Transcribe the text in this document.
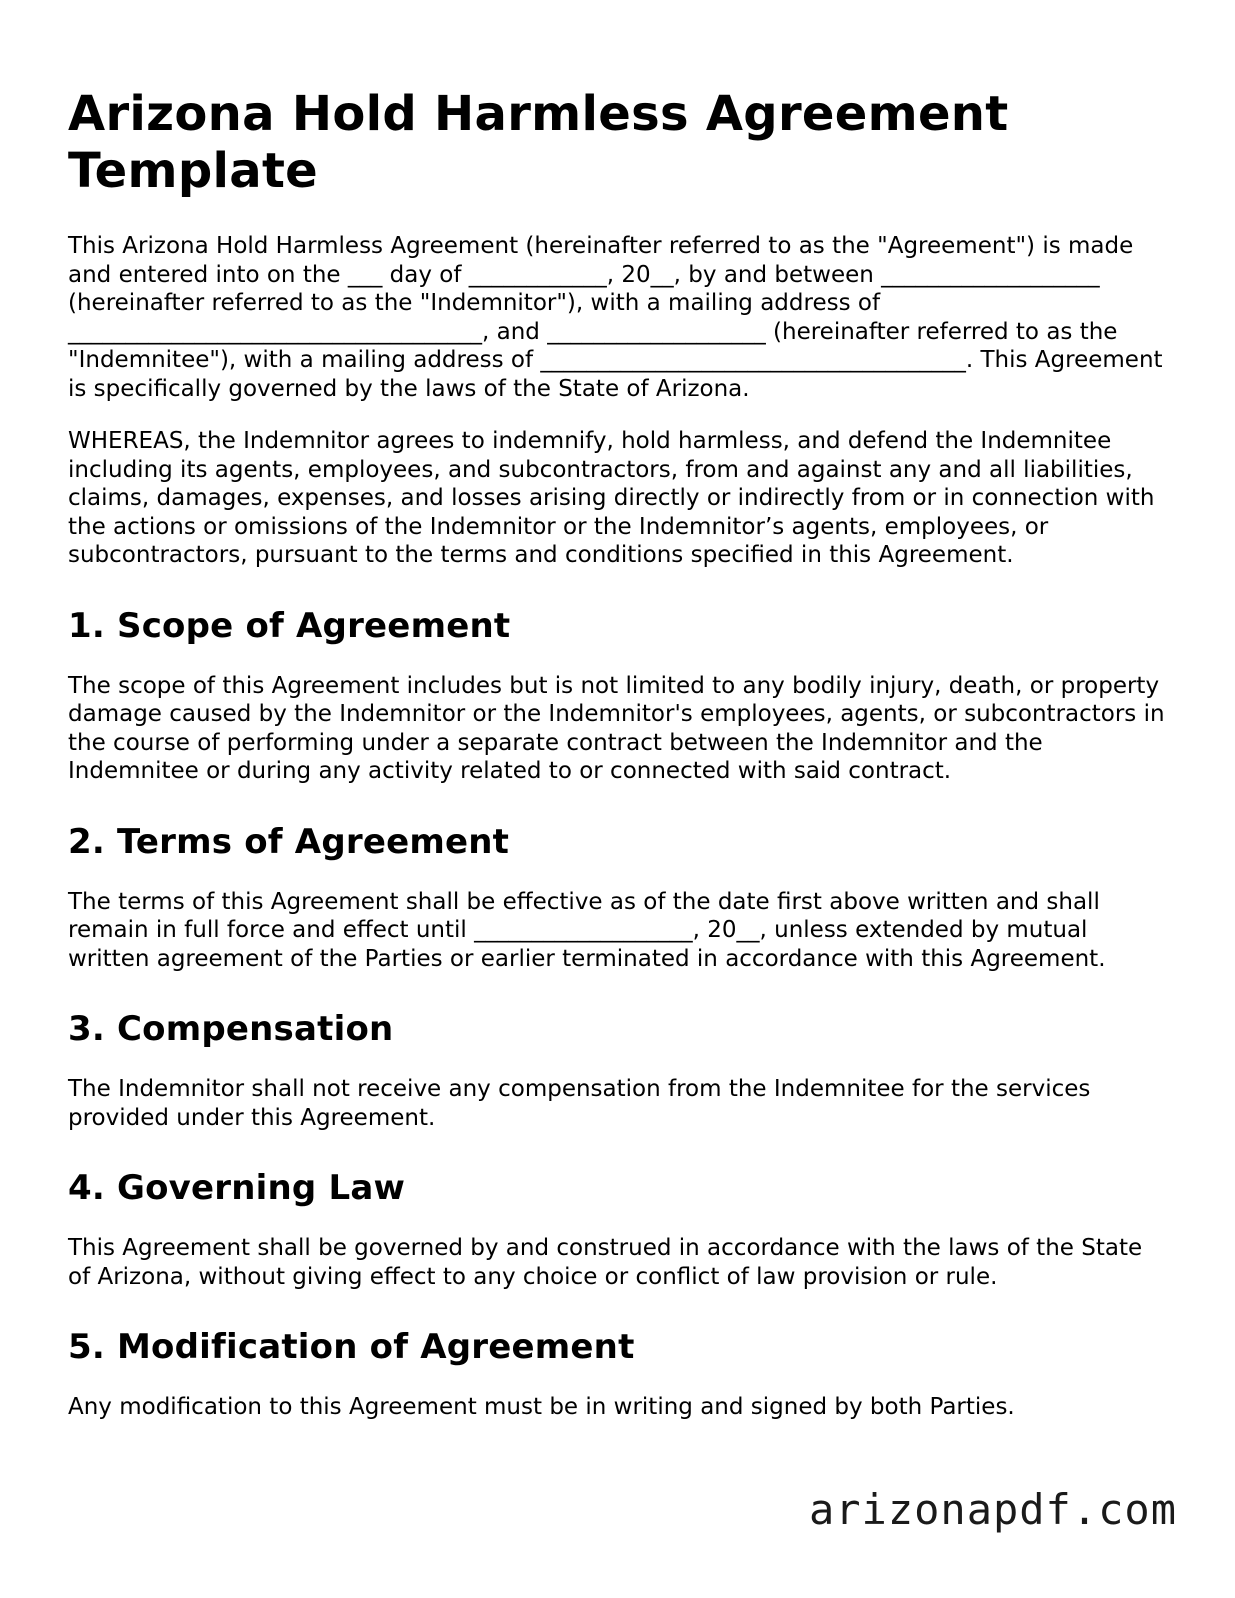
Arizona Hold Harmless Agreement Template

This Arizona Hold Harmless Agreement (hereinafter referred to as the "Agreement") is made and entered into on the ___ day of ____________, 20__, by and between ___________________ (hereinafter referred to as the "Indemnitor"), with a mailing address of ____________________________________, and ___________________ (hereinafter referred to as the "Indemnitee"), with a mailing address of _____________________________________. This Agreement is specifically governed by the laws of the State of Arizona.

WHEREAS, the Indemnitor agrees to indemnify, hold harmless, and defend the Indemnitee including its agents, employees, and subcontractors, from and against any and all liabilities, claims, damages, expenses, and losses arising directly or indirectly from or in connection with the actions or omissions of the Indemnitor or the Indemnitor’s agents, employees, or subcontractors, pursuant to the terms and conditions specified in this Agreement.

1. Scope of Agreement

The scope of this Agreement includes but is not limited to any bodily injury, death, or property damage caused by the Indemnitor or the Indemnitor's employees, agents, or subcontractors in the course of performing under a separate contract between the Indemnitor and the Indemnitee or during any activity related to or connected with said contract.

2. Terms of Agreement

The terms of this Agreement shall be effective as of the date first above written and shall remain in full force and effect until ___________________, 20__, unless extended by mutual written agreement of the Parties or earlier terminated in accordance with this Agreement.

3. Compensation

The Indemnitor shall not receive any compensation from the Indemnitee for the services provided under this Agreement.

4. Governing Law

This Agreement shall be governed by and construed in accordance with the laws of the State of Arizona, without giving effect to any choice or conflict of law provision or rule.

5. Modification of Agreement

Any modification to this Agreement must be in writing and signed by both Parties.

arizonapdf.com
